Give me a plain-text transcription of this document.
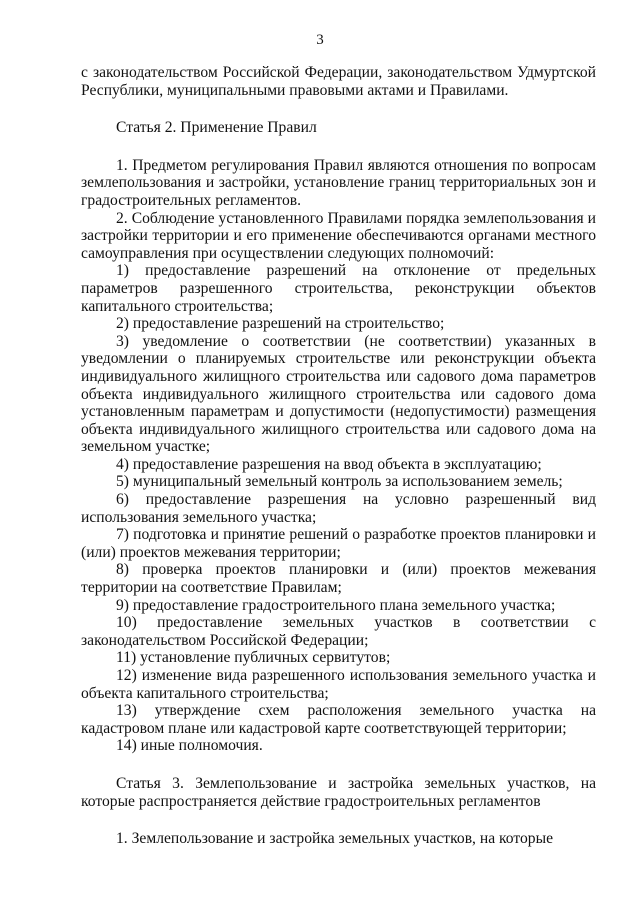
3

с законодательством Российской Федерации, законодательством Удмуртской Республики, муниципальными правовыми актами и Правилами.

Статья 2. Применение Правил

1. Предметом регулирования Правил являются отношения по вопросам землепользования и застройки, установление границ территориальных зон и градостроительных регламентов.

2. Соблюдение установленного Правилами порядка землепользования и застройки территории и его применение обеспечиваются органами местного самоуправления при осуществлении следующих полномочий:

1) предоставление разрешений на отклонение от предельных параметров разрешенного строительства, реконструкции объектов капитального строительства;

2) предоставление разрешений на строительство;

3) уведомление о соответствии (не соответствии) указанных в уведомлении о планируемых строительстве или реконструкции объекта индивидуального жилищного строительства или садового дома параметров объекта индивидуального жилищного строительства или садового дома установленным параметрам и допустимости (недопустимости) размещения объекта индивидуального жилищного строительства или садового дома на земельном участке;

4) предоставление разрешения на ввод объекта в эксплуатацию;

5) муниципальный земельный контроль за использованием земель;

6) предоставление разрешения на условно разрешенный вид использования земельного участка;

7) подготовка и принятие решений о разработке проектов планировки и (или) проектов межевания территории;

8) проверка проектов планировки и (или) проектов межевания территории на соответствие Правилам;

9) предоставление градостроительного плана земельного участка;

10) предоставление земельных участков в соответствии с законодательством Российской Федерации;

11) установление публичных сервитутов;

12) изменение вида разрешенного использования земельного участка и объекта капитального строительства;

13) утверждение схем расположения земельного участка на кадастровом плане или кадастровой карте соответствующей территории;

14) иные полномочия.

Статья 3. Землепользование и застройка земельных участков, на которые распространяется действие градостроительных регламентов

1. Землепользование и застройка земельных участков, на которые
